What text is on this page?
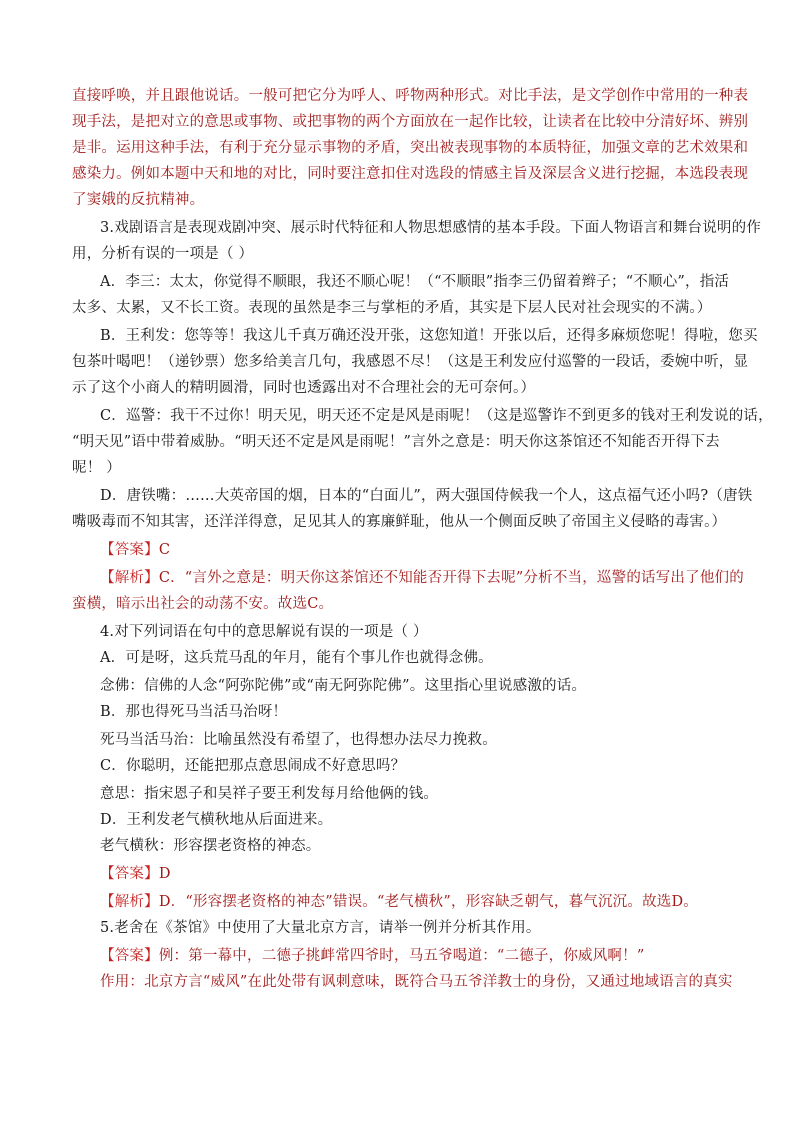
直接呼唤，并且跟他说话。一般可把它分为呼人、呼物两种形式。对比手法，是文学创作中常用的一种表
现手法，是把对立的意思或事物、或把事物的两个方面放在一起作比较，让读者在比较中分清好坏、辨别
是非。运用这种手法，有利于充分显示事物的矛盾，突出被表现事物的本质特征，加强文章的艺术效果和
感染力。例如本题中天和地的对比，同时要注意扣住对选段的情感主旨及深层含义进行挖掘，本选段表现
了窦娥的反抗精神。
3.戏剧语言是表现戏剧冲突、展示时代特征和人物思想感情的基本手段。下面人物语言和舞台说明的作
用，分析有误的一项是（ ）
A．李三：太太，你觉得不顺眼，我还不顺心呢！（“不顺眼”指李三仍留着辫子；“不顺心”，指活
太多、太累，又不长工资。表现的虽然是李三与掌柜的矛盾，其实是下层人民对社会现实的不满。）
B．王利发：您等等！我这儿千真万确还没开张，这您知道！开张以后，还得多麻烦您呢！得啦，您买
包茶叶喝吧！（递钞票）您多给美言几句，我感恩不尽！（这是王利发应付巡警的一段话，委婉中听，显
示了这个小商人的精明圆滑，同时也透露出对不合理社会的无可奈何。）
C．巡警：我干不过你！明天见，明天还不定是风是雨呢！（这是巡警诈不到更多的钱对王利发说的话，
“明天见”语中带着威胁。“明天还不定是风是雨呢！”言外之意是：明天你这茶馆还不知能否开得下去
呢！ ）
D．唐铁嘴：……大英帝国的烟，日本的“白面儿”，两大强国侍候我一个人，这点福气还小吗?（唐铁
嘴吸毒而不知其害，还洋洋得意，足见其人的寡廉鲜耻，他从一个侧面反映了帝国主义侵略的毒害。）
【答案】C
【解析】C．“言外之意是：明天你这茶馆还不知能否开得下去呢”分析不当，巡警的话写出了他们的
蛮横，暗示出社会的动荡不安。故选C。
4.对下列词语在句中的意思解说有误的一项是（ ）
A．可是呀，这兵荒马乱的年月，能有个事儿作也就得念佛。
念佛：信佛的人念“阿弥陀佛”或“南无阿弥陀佛”。这里指心里说感激的话。
B．那也得死马当活马治呀！
死马当活马治：比喻虽然没有希望了，也得想办法尽力挽救。
C．你聪明，还能把那点意思闹成不好意思吗？
意思：指宋恩子和吴祥子要王利发每月给他俩的钱。
D．王利发老气横秋地从后面进来。
老气横秋：形容摆老资格的神态。
【答案】D
【解析】D．“形容摆老资格的神态”错误。“老气横秋”，形容缺乏朝气，暮气沉沉。故选D。
5.老舍在《茶馆》中使用了大量北京方言，请举一例并分析其作用。
【答案】例：第一幕中，二德子挑衅常四爷时，马五爷喝道：“二德子，你威风啊！”
作用：北京方言“威风”在此处带有讽刺意味，既符合马五爷洋教士的身份，又通过地域语言的真实
